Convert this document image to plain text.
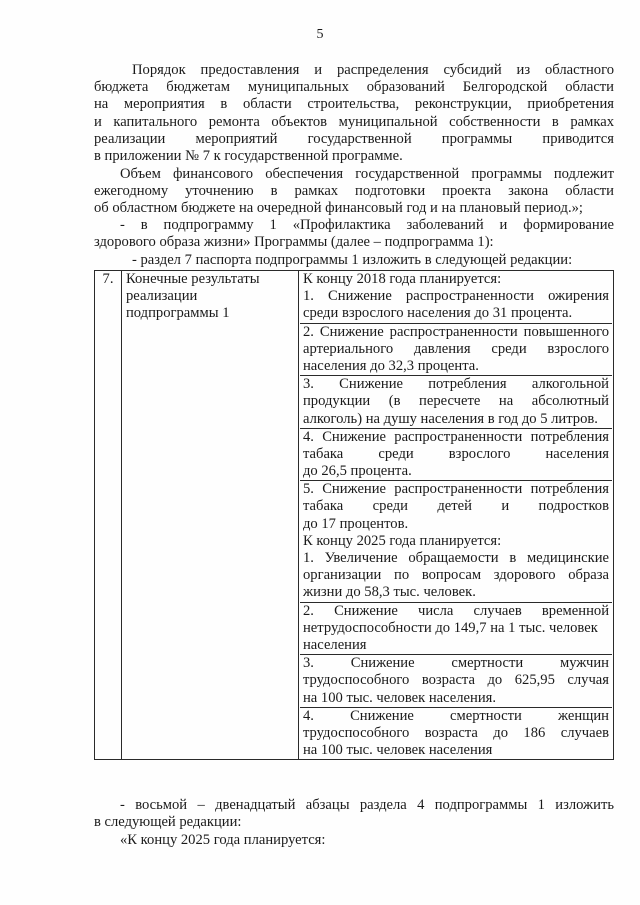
5
Порядок предоставления и распределения субсидий из областного
бюджета бюджетам муниципальных образований Белгородской области
на мероприятия в области строительства, реконструкции, приобретения
и капитального ремонта объектов муниципальной собственности в рамках
реализации мероприятий государственной программы приводится
в приложении № 7 к государственной программе.
Объем финансового обеспечения государственной программы подлежит
ежегодному уточнению в рамках подготовки проекта закона области
об областном бюджете на очередной финансовый год и на плановый период.»;
- в подпрограмму 1 «Профилактика заболеваний и формирование
здорового образа жизни» Программы (далее – подпрограмма 1):
- раздел 7 паспорта подпрограммы 1 изложить в следующей редакции:
7.	Конечные результаты
реализации
подпрограммы 1

К концу 2018 года планируется:
1. Снижение распространенности ожирения
среди взрослого населения до 31 процента.
2. Снижение распространенности повышенного
артериального давления среди взрослого
населения до 32,3 процента.
3. Снижение потребления алкогольной
продукции (в пересчете на абсолютный
алкоголь) на душу населения в год до 5 литров.
4. Снижение распространенности потребления
табака среди взрослого населения
до 26,5 процента.
5. Снижение распространенности потребления
табака среди детей и подростков
до 17 процентов.
К концу 2025 года планируется:
1. Увеличение обращаемости в медицинские
организации по вопросам здорового образа
жизни до 58,3 тыс. человек.
2. Снижение числа случаев временной
нетрудоспособности до 149,7 на 1 тыс. человек
населения
3. Снижение смертности мужчин
трудоспособного возраста до 625,95 случая
на 100 тыс. человек населения.
4. Снижение смертности женщин
трудоспособного возраста до 186 случаев
на 100 тыс. человек населения
- восьмой – двенадцатый абзацы раздела 4 подпрограммы 1 изложить
в следующей редакции:
«К концу 2025 года планируется:
